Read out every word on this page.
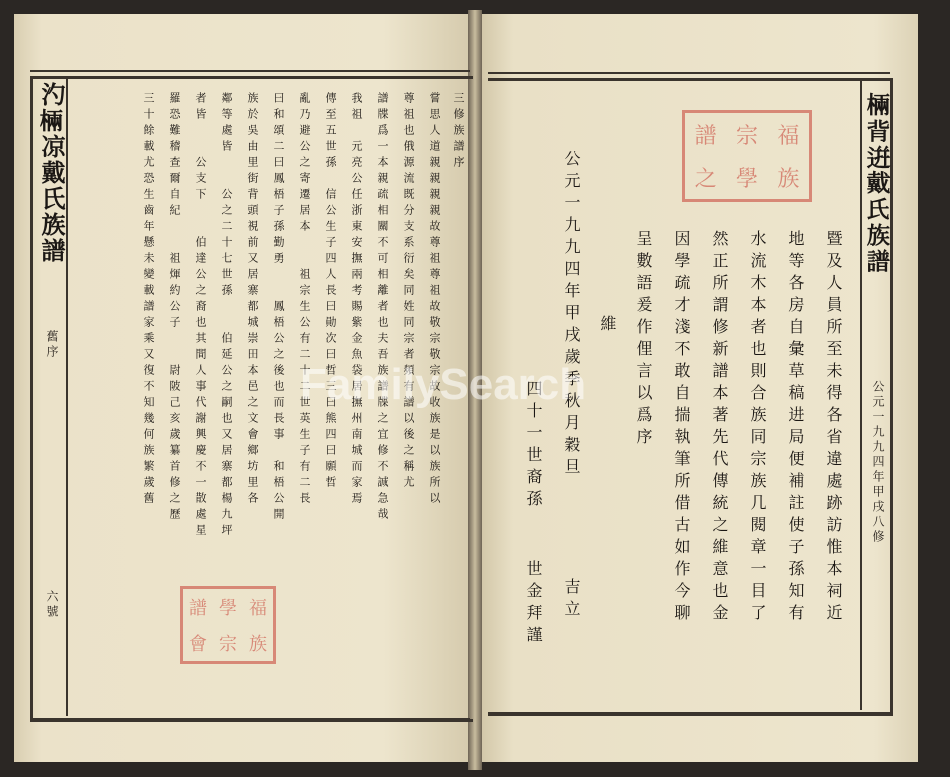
汋𣓈凉戴氏族譜
舊序
六號
三修族譜序
嘗思人道親親親親故尊祖尊祖故敬宗敬宗故收族是以族所以
尊祖也俄源流既分支系衍矣同姓同宗者頻有譜以後之稱尤
譜牒爲一本親疏相關不可相離者也夫吾族譜牒之宜修不誠急哉
我祖　元亮公任浙東安撫兩考賜紫金魚袋居撫州南城而家焉
傳至五世孫　信公生子四人長曰勛次曰哲三曰熊四曰願哲
亂乃避公之寄遷居本　　祖宗生公有二十二世英生子有二長
曰和頌二曰鳳梧子孫勤勇　　鳳梧公之後也而長事　和梧公開
族於吳由里街背頭視前又居寨都城崇田本邑之文會鄉坊里各
鄰等處皆　　公之二十七世孫　　伯延公之嗣也又居寨都楊九坪
者皆　　公支下　　伯達公之裔也其間人事代謝興慶不一散處星
羅恐難稽查爾自紀　　祖煇約公子　　尉陂己亥歲纂首修之歷
三十餘載尤恐生齒年懸未變載譜家乘又復不知幾何族繁歲舊	𣓈背逬戴氏族譜
公元一九九四年甲戌八修
暨及人員所至未得各省違處跡訪惟本祠近
地等各房自彙草稿进局便補註使子孫知有
水流木本者也則合族同宗族几閱章一目了
然正所謂修新譜本著先代傳統之維意也金
因學疏才淺不敢自揣執筆所借古如作今聊
呈數語爰作俚言以爲序
維
公元一九九四年甲戌歲季秋月穀旦
吉立
四十一世裔孫
世金拜謹
譜 宗 福
之 學 族
譜 學 福
會 宗 族
FamilySearch
